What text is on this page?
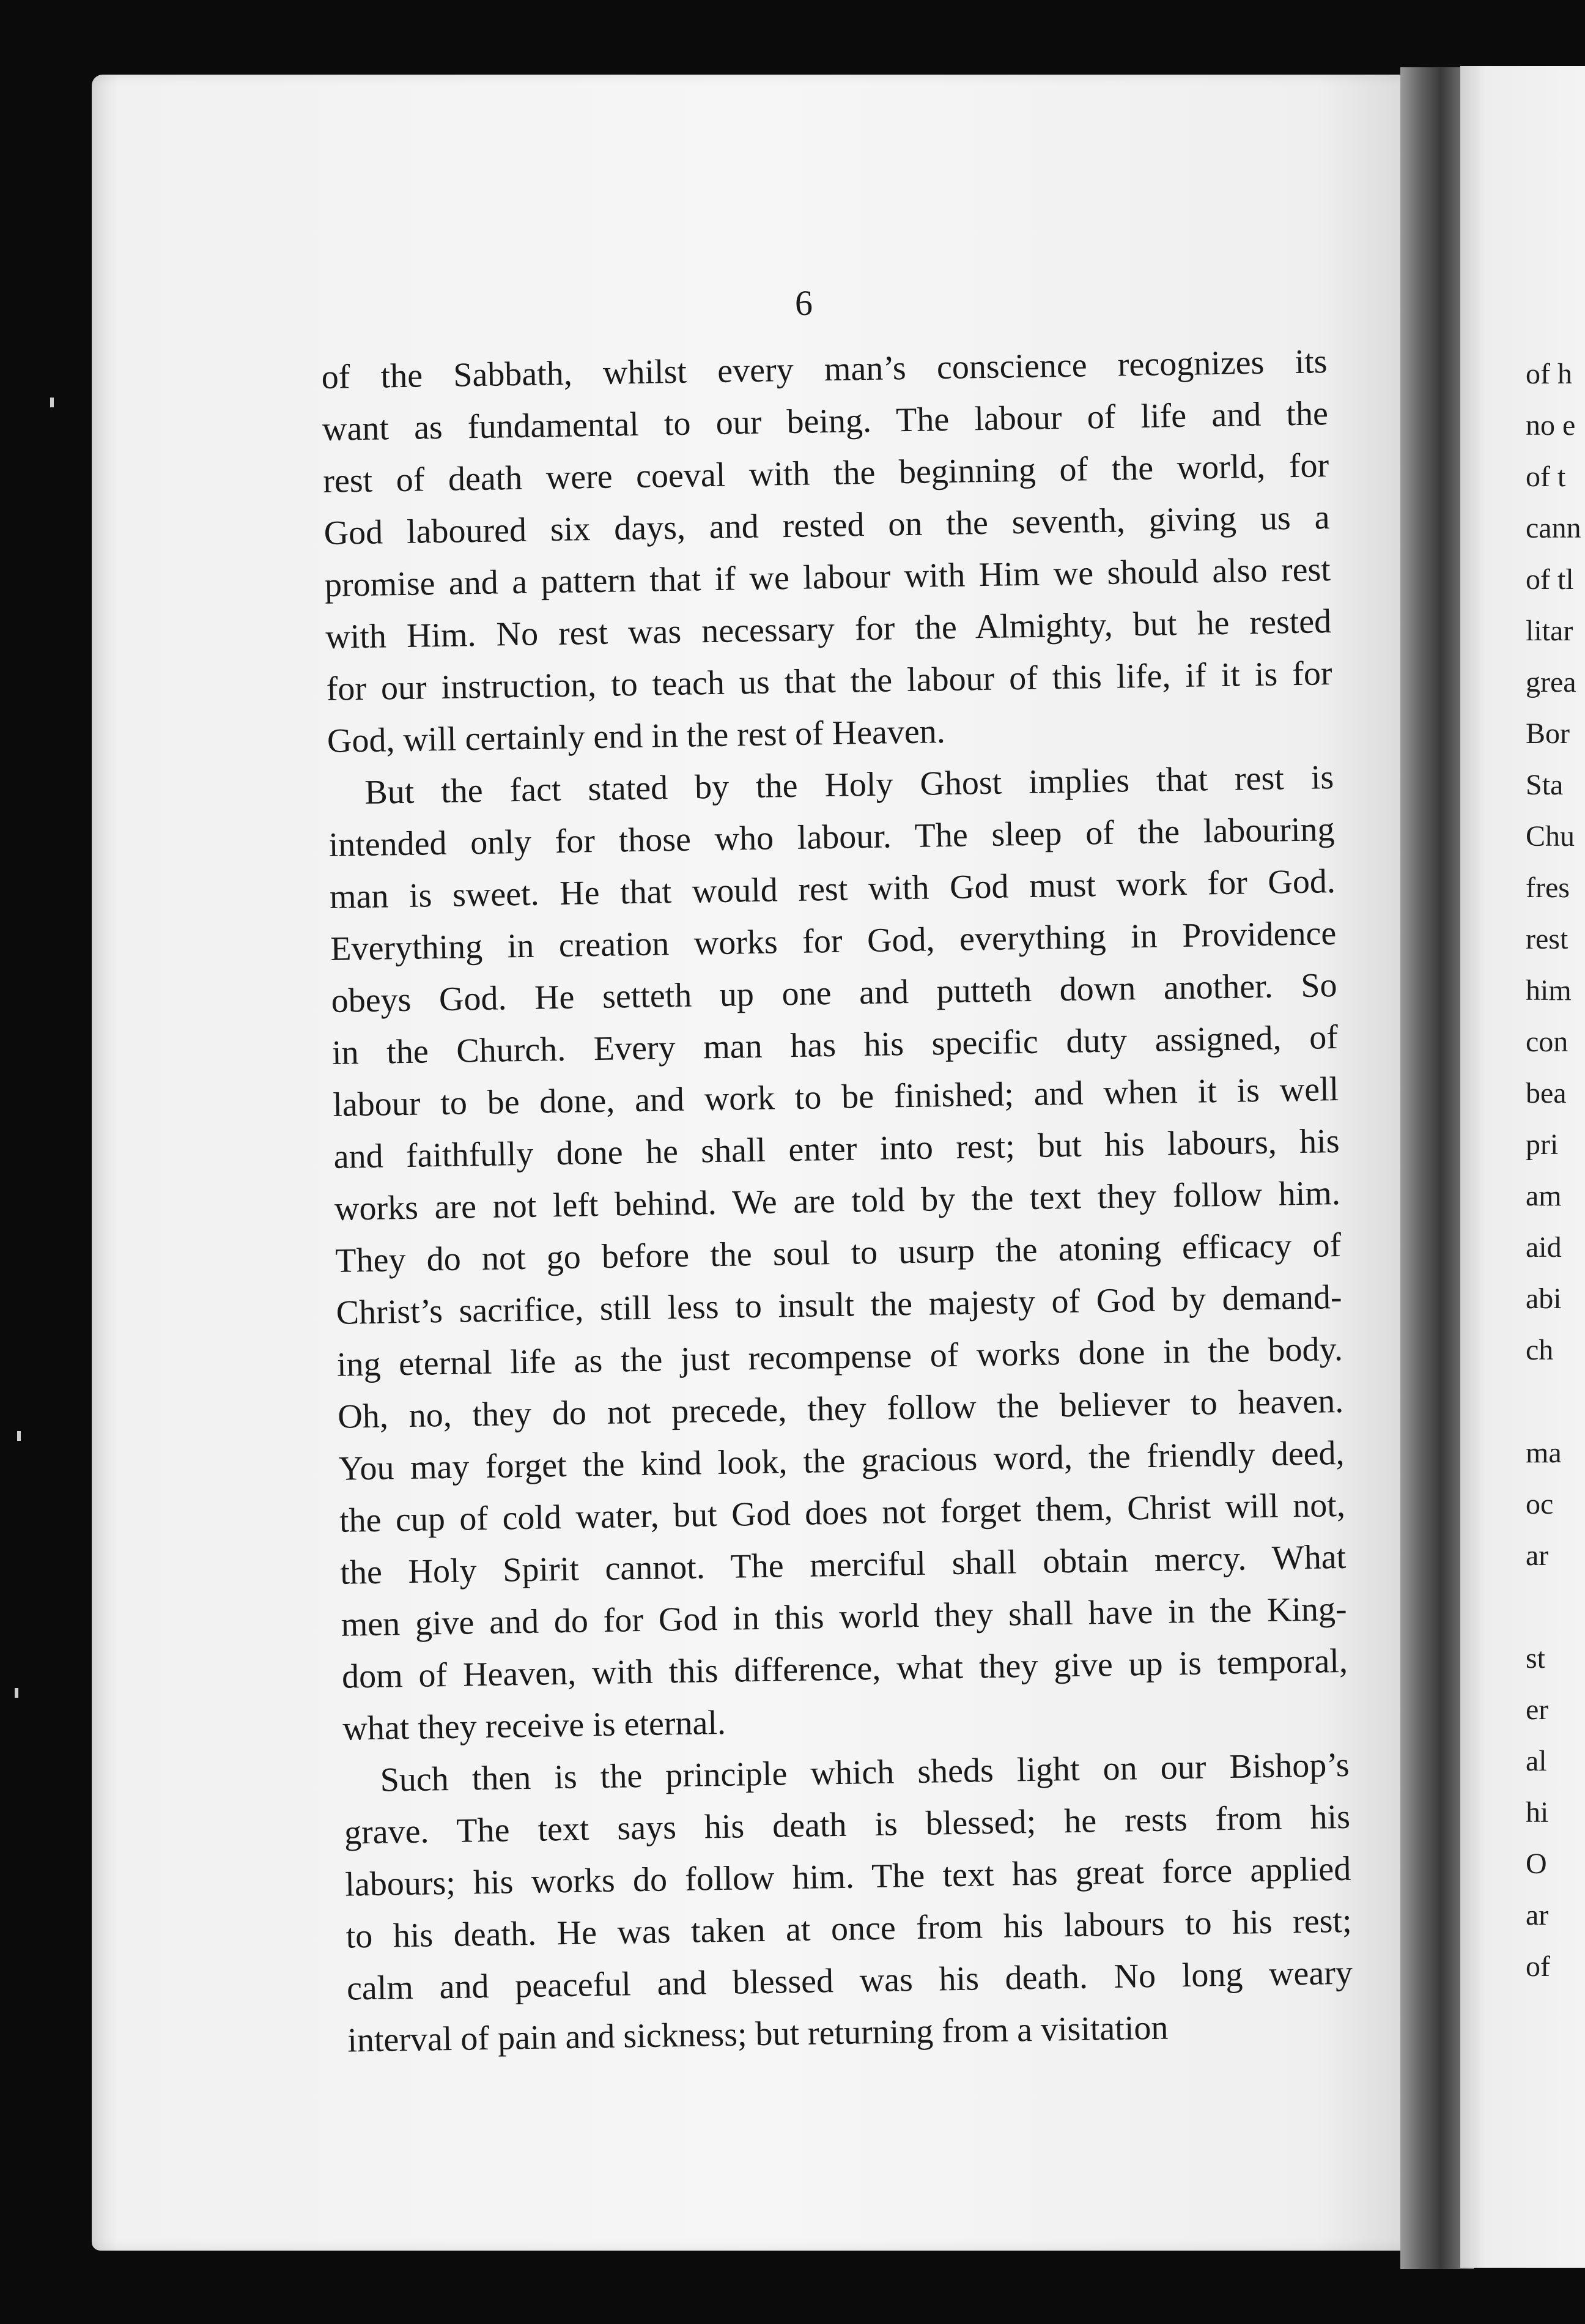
6
of the Sabbath, whilst every man’s conscience recognizes its
want as fundamental to our being. The labour of life and the
rest of death were coeval with the beginning of the world, for
God laboured six days, and rested on the seventh, giving us a
promise and a pattern that if we labour with Him we should also rest
with Him. No rest was necessary for the Almighty, but he rested
for our instruction, to teach us that the labour of this life, if it is for
God, will certainly end in the rest of Heaven.
But the fact stated by the Holy Ghost implies that rest is
intended only for those who labour. The sleep of the labouring
man is sweet. He that would rest with God must work for God.
Everything in creation works for God, everything in Providence
obeys God. He setteth up one and putteth down another. So
in the Church. Every man has his specific duty assigned, of
labour to be done, and work to be finished; and when it is well
and faithfully done he shall enter into rest; but his labours, his
works are not left behind. We are told by the text they follow him.
They do not go before the soul to usurp the atoning efficacy of
Christ’s sacrifice, still less to insult the majesty of God by demand-
ing eternal life as the just recompense of works done in the body.
Oh, no, they do not precede, they follow the believer to heaven.
You may forget the kind look, the gracious word, the friendly deed,
the cup of cold water, but God does not forget them, Christ will not,
the Holy Spirit cannot. The merciful shall obtain mercy. What
men give and do for God in this world they shall have in the King-
dom of Heaven, with this difference, what they give up is temporal,
what they receive is eternal.
Such then is the principle which sheds light on our Bishop’s
grave. The text says his death is blessed; he rests from his
labours; his works do follow him. The text has great force applied
to his death. He was taken at once from his labours to his rest;
calm and peaceful and blessed was his death. No long weary
interval of pain and sickness; but returning from a visitation
of h
no e
of t
cann
of tl
litar
grea
Bor
Sta
Chu
fres
rest
him
con
bea
pri
am
aid
abi
ch
ma
oc
ar
st
er
al
hi
O
ar
of
